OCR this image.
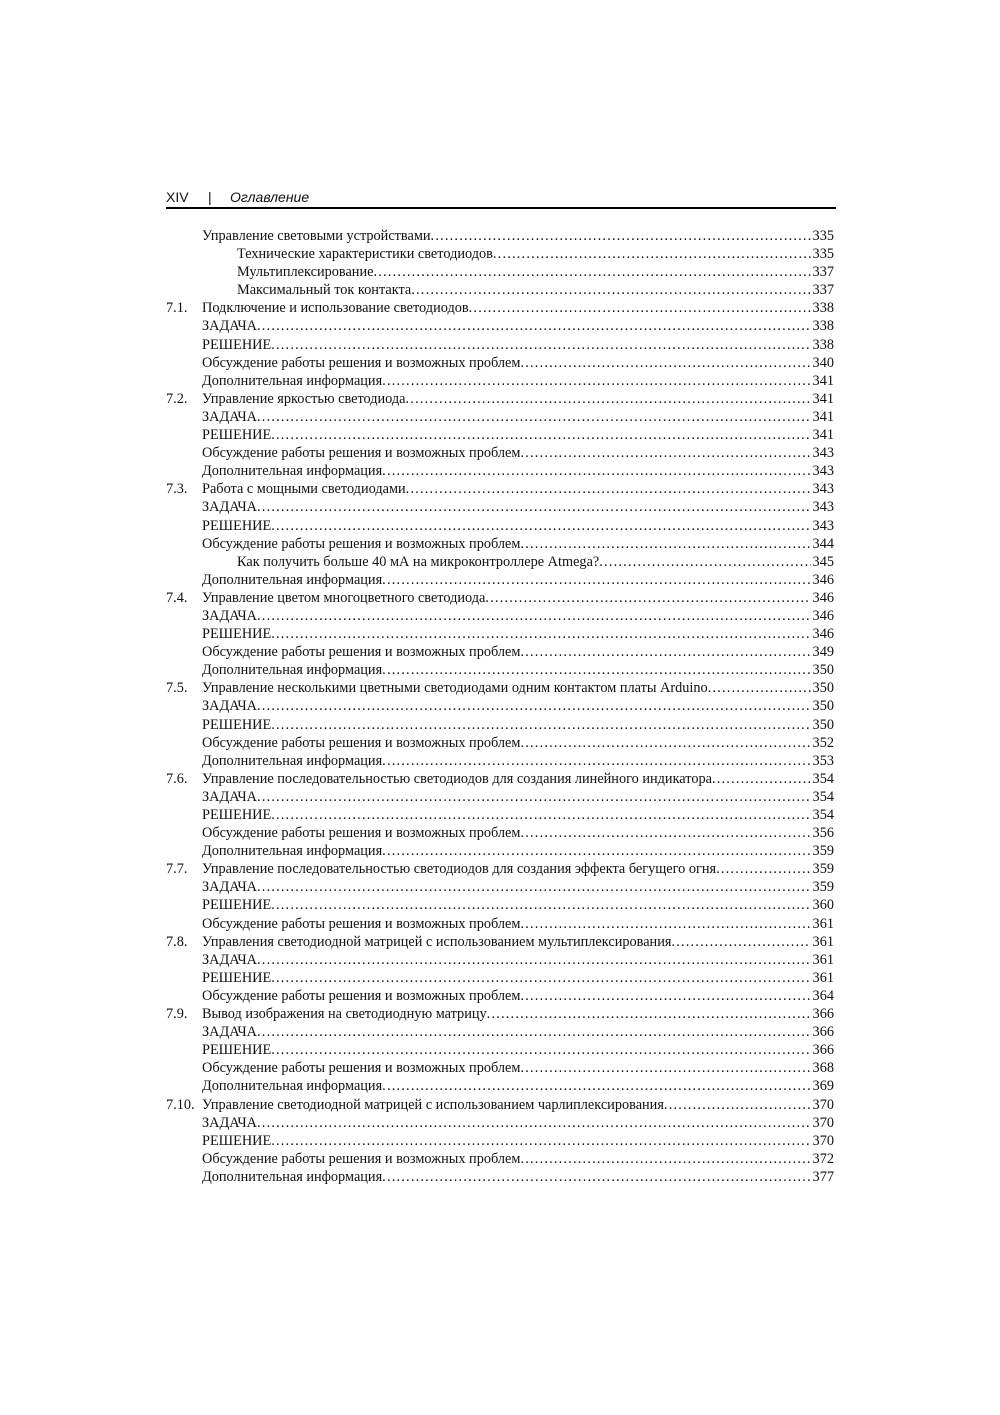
XIV | Оглавление
Управление световыми устройствами .....	335
Технические характеристики светодиодов .....	335
Мультиплексирование .....	337
Максимальный ток контакта .....	337
7.1. Подключение и использование светодиодов .....	338
ЗАДАЧА .....	338
РЕШЕНИЕ .....	338
Обсуждение работы решения и возможных проблем .....	340
Дополнительная информация .....	341
7.2. Управление яркостью светодиода .....	341
ЗАДАЧА .....	341
РЕШЕНИЕ .....	341
Обсуждение работы решения и возможных проблем .....	343
Дополнительная информация .....	343
7.3. Работа с мощными светодиодами .....	343
ЗАДАЧА .....	343
РЕШЕНИЕ .....	343
Обсуждение работы решения и возможных проблем .....	344
Как получить больше 40 мА на микроконтроллере Atmega? .....	345
Дополнительная информация .....	346
7.4. Управление цветом многоцветного светодиода .....	346
ЗАДАЧА .....	346
РЕШЕНИЕ .....	346
Обсуждение работы решения и возможных проблем .....	349
Дополнительная информация .....	350
7.5. Управление несколькими цветными светодиодами одним контактом платы Arduino .....	350
ЗАДАЧА .....	350
РЕШЕНИЕ .....	350
Обсуждение работы решения и возможных проблем .....	352
Дополнительная информация .....	353
7.6. Управление последовательностью светодиодов для создания линейного индикатора .....	354
ЗАДАЧА .....	354
РЕШЕНИЕ .....	354
Обсуждение работы решения и возможных проблем .....	356
Дополнительная информация .....	359
7.7. Управление последовательностью светодиодов для создания эффекта бегущего огня .....	359
ЗАДАЧА .....	359
РЕШЕНИЕ .....	360
Обсуждение работы решения и возможных проблем .....	361
7.8. Управления светодиодной матрицей с использованием мультиплексирования .....	361
ЗАДАЧА .....	361
РЕШЕНИЕ .....	361
Обсуждение работы решения и возможных проблем .....	364
7.9. Вывод изображения на светодиодную матрицу .....	366
ЗАДАЧА .....	366
РЕШЕНИЕ .....	366
Обсуждение работы решения и возможных проблем .....	368
Дополнительная информация .....	369
7.10. Управление светодиодной матрицей с использованием чарлиплексирования .....	370
ЗАДАЧА .....	370
РЕШЕНИЕ .....	370
Обсуждение работы решения и возможных проблем .....	372
Дополнительная информация .....	377
